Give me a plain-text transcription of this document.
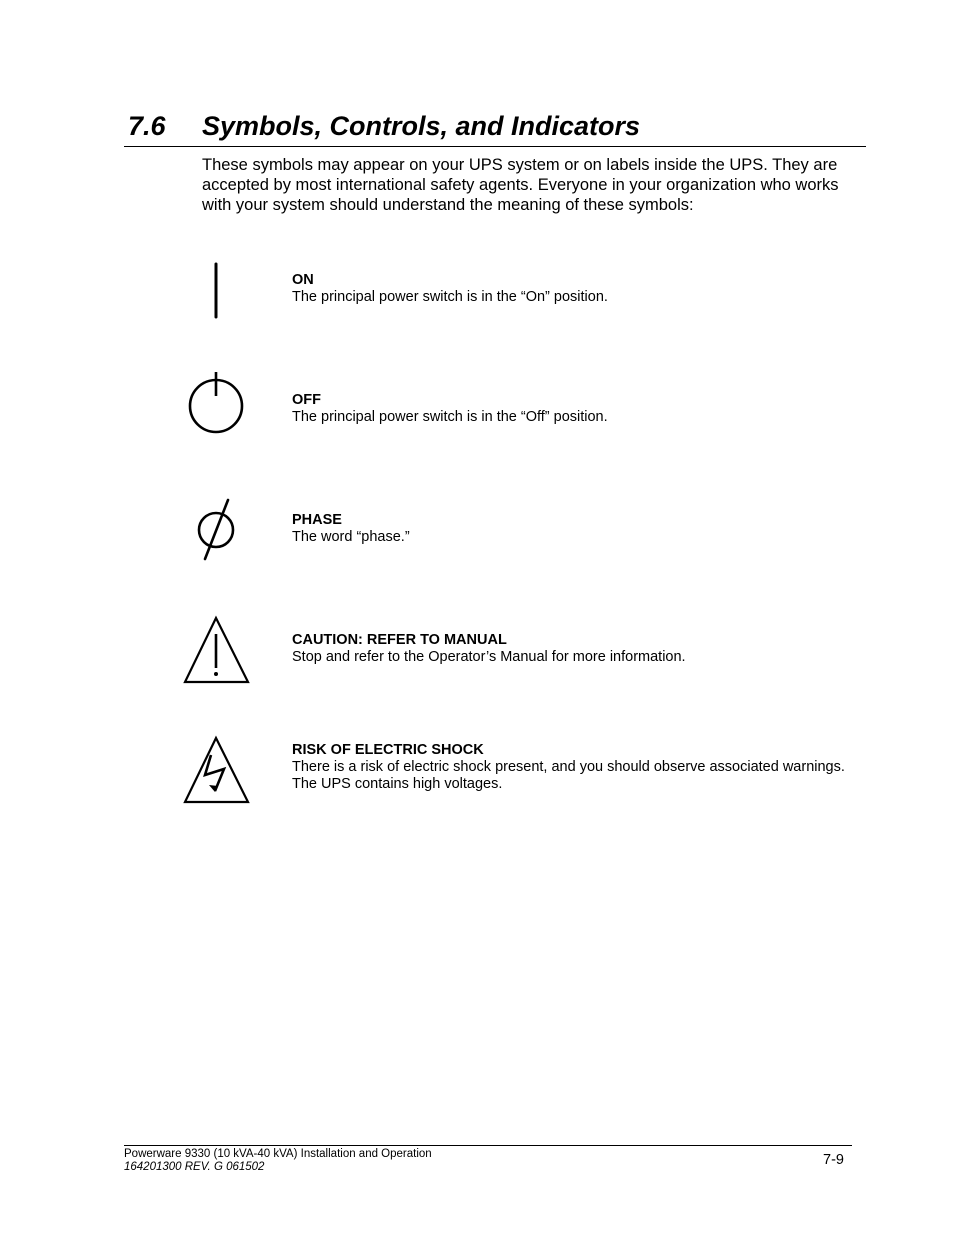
7.6 Symbols, Controls, and Indicators

These symbols may appear on your UPS system or on labels inside the UPS. They are accepted by most international safety agents. Everyone in your organization who works with your system should understand the meaning of these symbols:

ON
The principal power switch is in the “On” position.
OFF
The principal power switch is in the “Off” position.
PHASE
The word “phase.”
CAUTION: REFER TO MANUAL
Stop and refer to the Operator’s Manual for more information.
RISK OF ELECTRIC SHOCK
There is a risk of electric shock present, and you should observe associated warnings. The UPS contains high voltages.
Powerware 9330 (10 kVA‑40 kVA) Installation and Operation
164201300 REV. G 061502	7‑9
